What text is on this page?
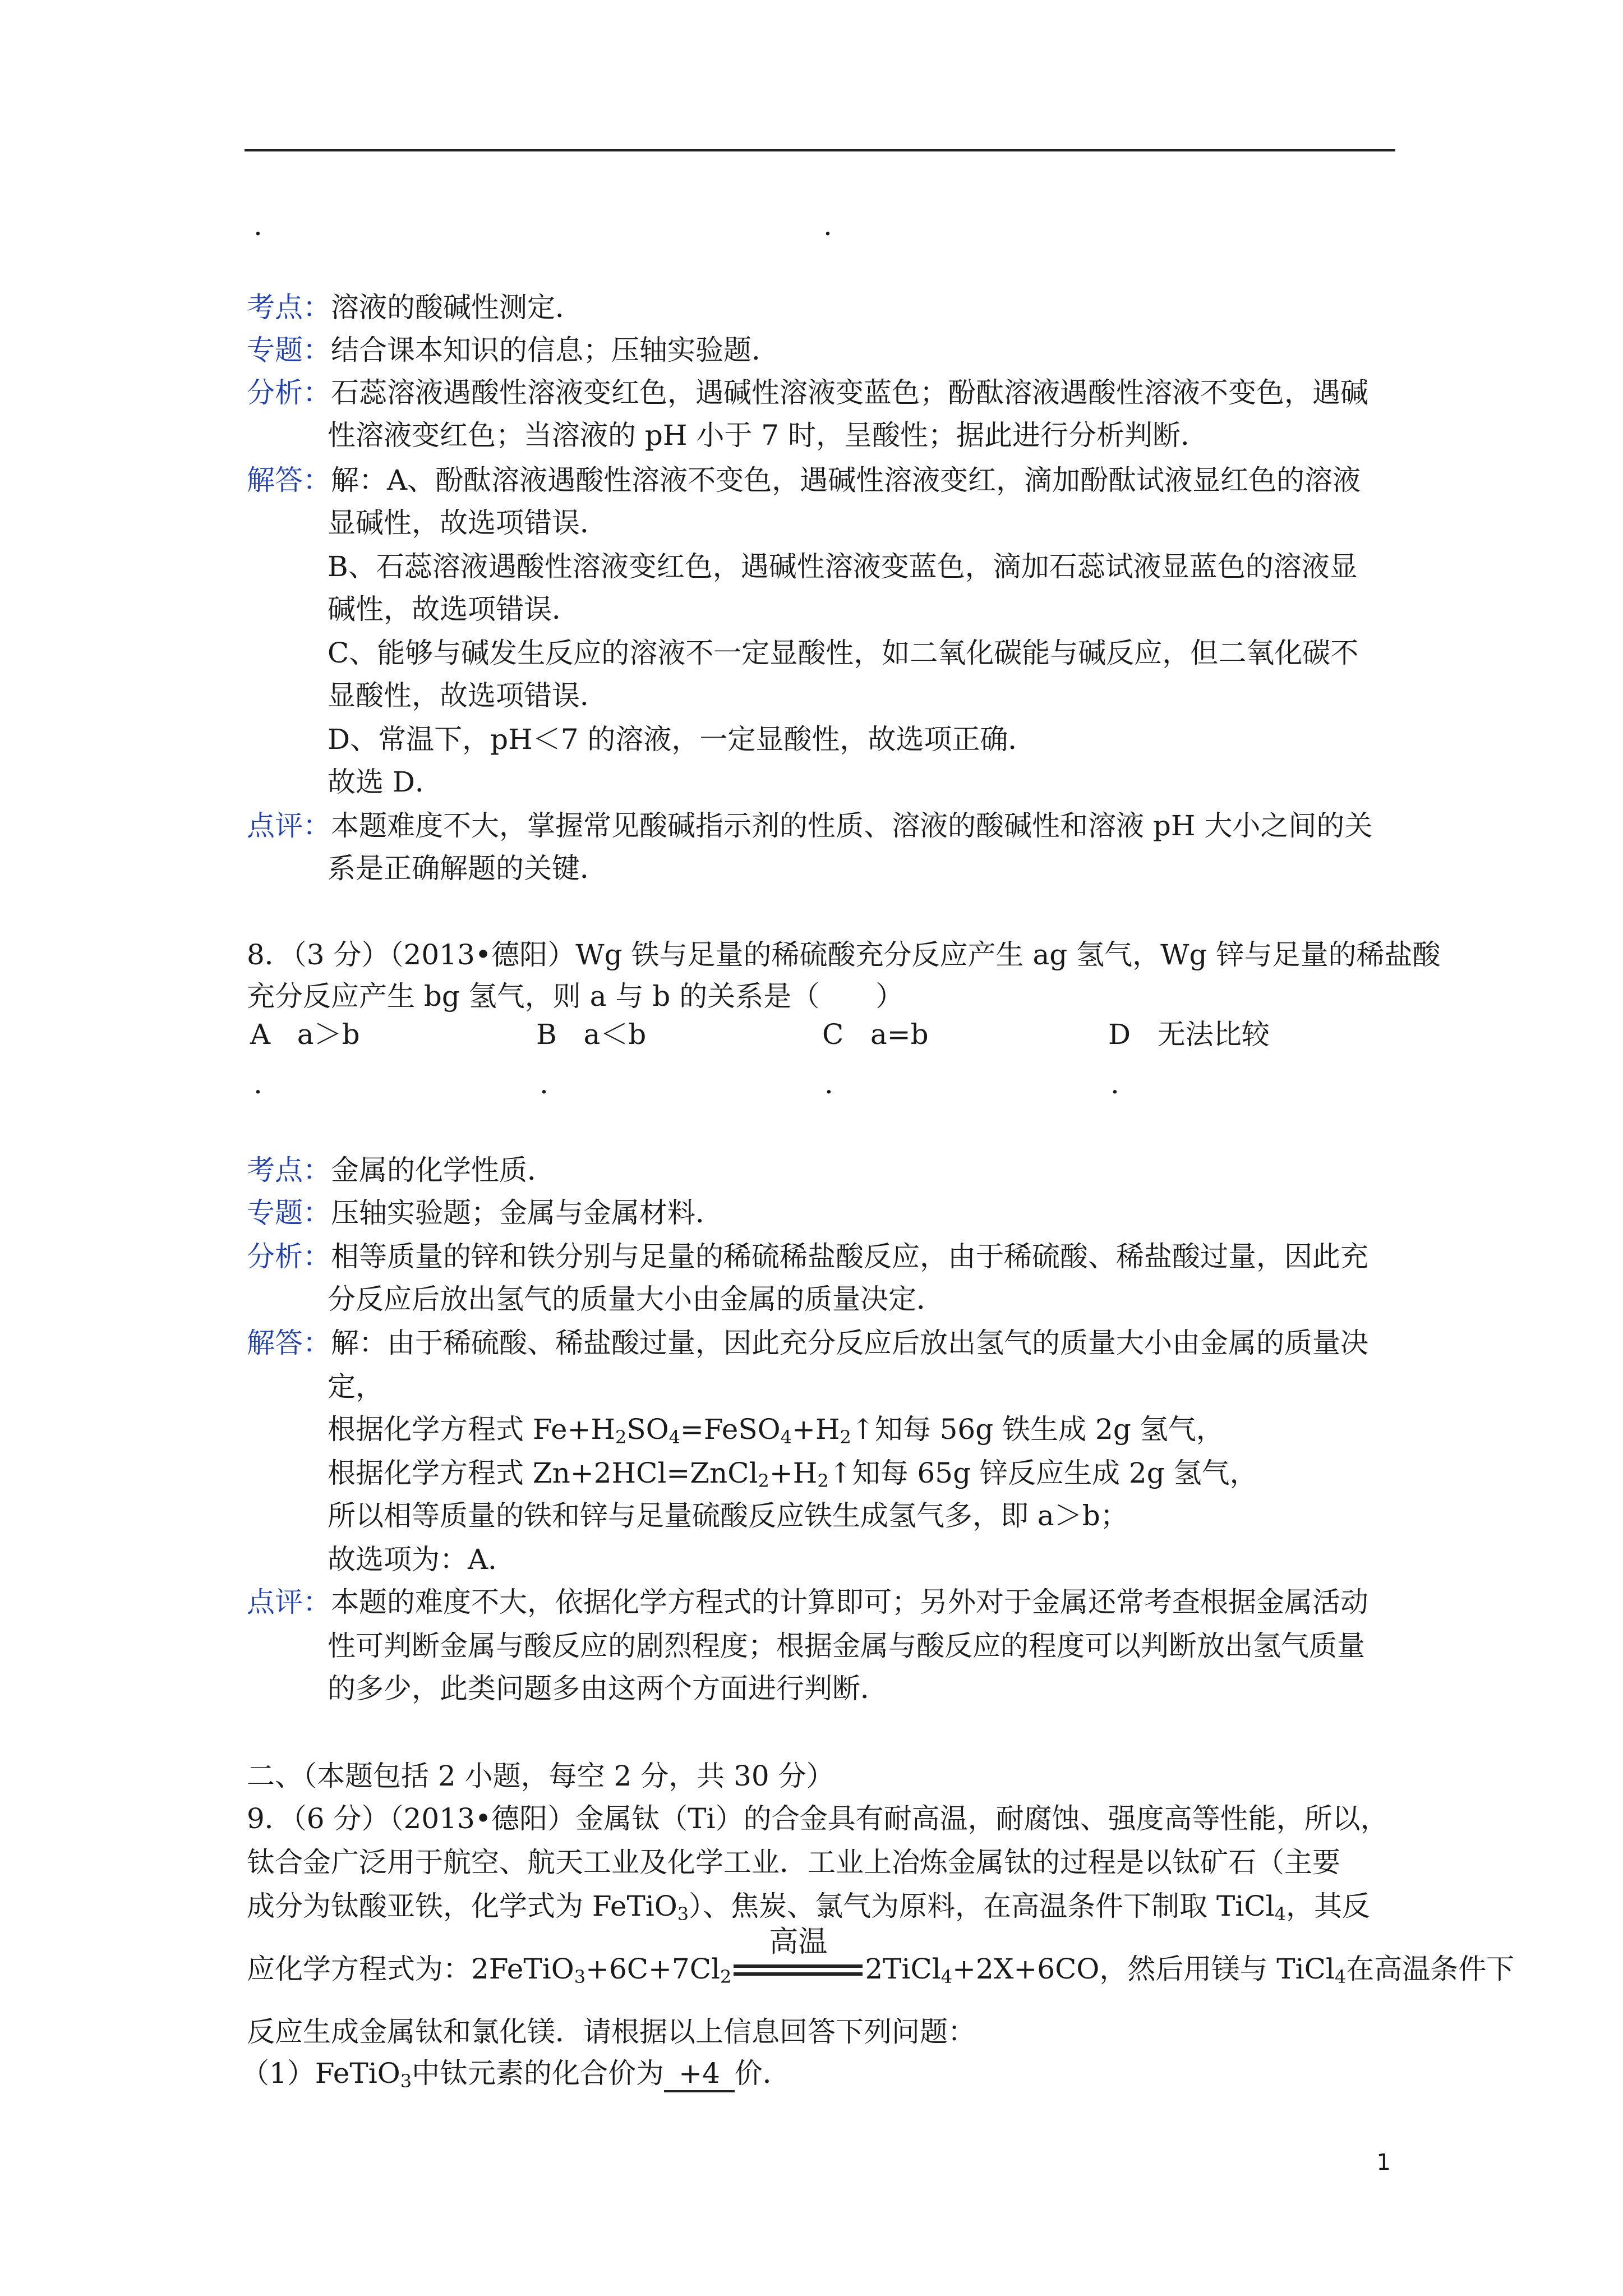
.	.
考点：溶液的酸碱性测定．
专题：结合课本知识的信息；压轴实验题．
分析：石蕊溶液遇酸性溶液变红色，遇碱性溶液变蓝色；酚酞溶液遇酸性溶液不变色，遇碱
性溶液变红色；当溶液的 pH 小于 7 时，呈酸性；据此进行分析判断．
解答：解：A、酚酞溶液遇酸性溶液不变色，遇碱性溶液变红，滴加酚酞试液显红色的溶液
显碱性，故选项错误．
B、石蕊溶液遇酸性溶液变红色，遇碱性溶液变蓝色，滴加石蕊试液显蓝色的溶液显
碱性，故选项错误．
C、能够与碱发生反应的溶液不一定显酸性，如二氧化碳能与碱反应，但二氧化碳不
显酸性，故选项错误．
D、常温下，pH＜7 的溶液，一定显酸性，故选项正确．
故选 D．
点评：本题难度不大，掌握常见酸碱指示剂的性质、溶液的酸碱性和溶液 pH 大小之间的关
系是正确解题的关键．
8．（3 分）（2013•德阳）Wg 铁与足量的稀硫酸充分反应产生 ag 氢气，Wg 锌与足量的稀盐酸
充分反应产生 bg 氢气，则 a 与 b 的关系是（　　）
A a＞b	B a＜b	C a=b	D 无法比较
.	.	.	.
考点：金属的化学性质．
专题：压轴实验题；金属与金属材料．
分析：相等质量的锌和铁分别与足量的稀硫稀盐酸反应，由于稀硫酸、稀盐酸过量，因此充
分反应后放出氢气的质量大小由金属的质量决定．
解答：解：由于稀硫酸、稀盐酸过量，因此充分反应后放出氢气的质量大小由金属的质量决
定，
根据化学方程式 $Fe+H_2SO_4=FeSO_4+H_2↑$知每 56g 铁生成 2g 氢气，
根据化学方程式 $Zn+2HCl=ZnCl_2+H_2↑$知每 65g 锌反应生成 2g 氢气，
所以相等质量的铁和锌与足量硫酸反应铁生成氢气多，即 a＞b；
故选项为：A．
点评：本题的难度不大，依据化学方程式的计算即可；另外对于金属还常考查根据金属活动
性可判断金属与酸反应的剧烈程度；根据金属与酸反应的程度可以判断放出氢气质量
的多少，此类问题多由这两个方面进行判断．
二、（本题包括 2 小题，每空 2 分，共 30 分）
9．（6 分）（2013•德阳）金属钛（Ti）的合金具有耐高温，耐腐蚀、强度高等性能，所以，
钛合金广泛用于航空、航天工业及化学工业．工业上冶炼金属钛的过程是以钛矿石（主要
成分为钛酸亚铁，化学式为 FeTiO$_3$）、焦炭、氯气为原料，在高温条件下制取 TiCl$_4$，其反
应化学方程式为：$2FeTiO_3+6C+7Cl_2$
高温
2TiCl$_4$+2X+6CO，然后用镁与 TiCl$_4$在高温条件下
反应生成金属钛和氯化镁．请根据以上信息回答下列问题：
（1）FeTiO$_3$中钛元素的化合价为 +4 价．
1
